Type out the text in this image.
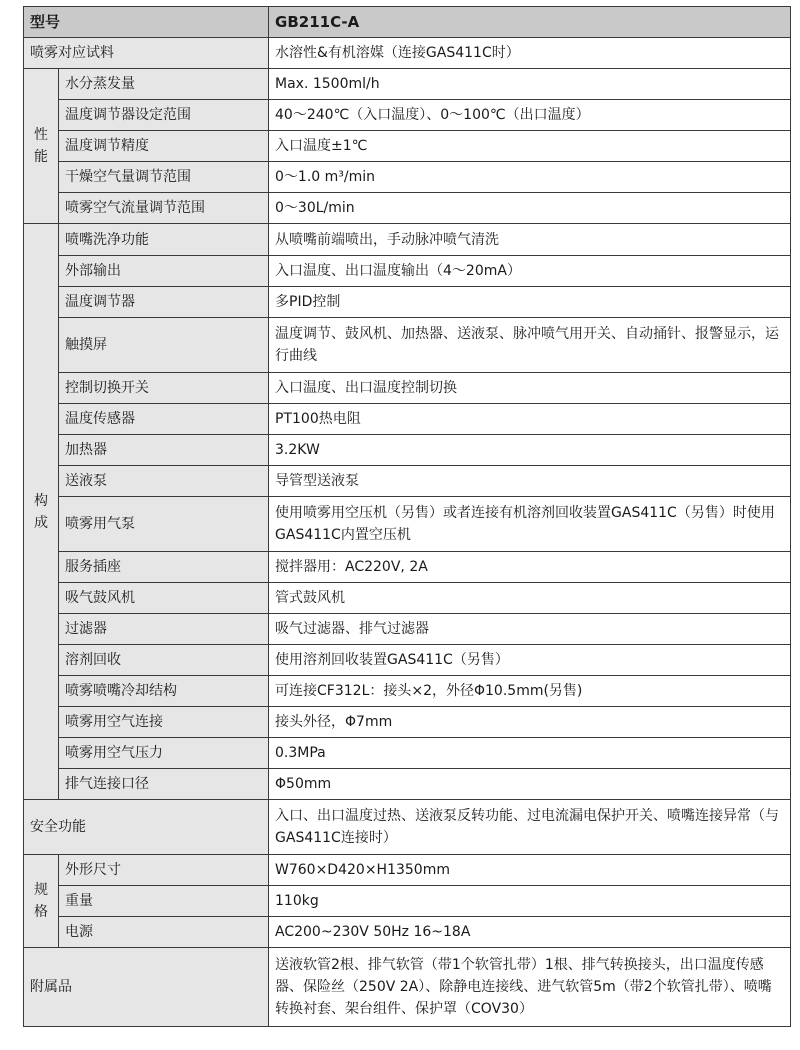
型号		GB211C-A
喷雾对应试料		水溶性&有机溶媒（连接GAS411C时）

性
能	水分蒸发量	Max. 1500ml/h
	温度调节器设定范围	40～240℃（入口温度）、0～100℃（出口温度）
	温度调节精度	入口温度±1℃
	干燥空气量调节范围	0～1.0 m³/min
	喷雾空气流量调节范围	0～30L/min

构
成	喷嘴洗净功能	从喷嘴前端喷出，手动脉冲喷气清洗
	外部输出	入口温度、出口温度输出（4～20mA）
	温度调节器	多PID控制
	触摸屏	温度调节、鼓风机、加热器、送液泵、脉冲喷气用开关、自动捅针、报警显示，运行曲线
	控制切换开关	入口温度、出口温度控制切换
	温度传感器	PT100热电阻
	加热器	3.2KW
	送液泵	导管型送液泵
	喷雾用气泵	使用喷雾用空压机（另售）或者连接有机溶剂回收装置GAS411C（另售）时使用GAS411C内置空压机
	服务插座	搅拌器用：AC220V, 2A
	吸气鼓风机	管式鼓风机
	过滤器	吸气过滤器、排气过滤器
	溶剂回收	使用溶剂回收装置GAS411C（另售）
	喷雾喷嘴冷却结构	可连接CF312L：接头×2，外径Φ10.5mm(另售)
	喷雾用空气连接	接头外径，Φ7mm
	喷雾用空气压力	0.3MPa
	排气连接口径	Φ50mm
安全功能		入口、出口温度过热、送液泵反转功能、过电流漏电保护开关、喷嘴连接异常（与GAS411C连接时）

规
格	外形尺寸	W760×D420×H1350mm
	重量	110kg
	电源	AC200~230V 50Hz 16~18A
附属品		送液软管2根、排气软管（带1个软管扎带）1根、排气转换接头，出口温度传感器、保险丝（250V 2A）、除静电连接线、进气软管5m（带2个软管扎带）、喷嘴转换衬套、架台组件、保护罩（COV30）
